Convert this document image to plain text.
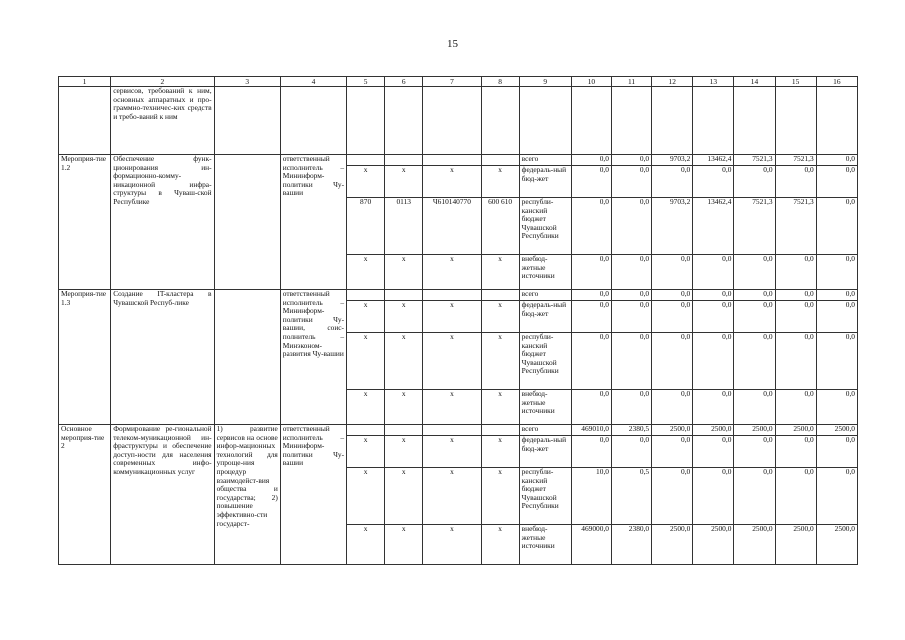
15
1	2	3	4	5	6	7	8	9	10	11	12	13	14	15	16
	сервисов, требований к ним, основных аппаратных и про-граммно-техничес-ких средств и требо-ваний к ним														
Мероприя-тие 1.2	Обеспечение функ-ционирования ин-формационно-комму-никационной инфра-структуры в Чуваш-ской Республике		ответственный исполнитель – Мининформ-политики Чу-вашии					всего	0,0	0,0	9703,2	13462,4	7521,3	7521,3	0,0
				x	x	x	x	федераль-ный бюд-жет	0,0	0,0	0,0	0,0	0,0	0,0	0,0
				870	0113	Ч610140770	600 610	республи-канский бюджет Чувашской Республики	0,0	0,0	9703,2	13462,4	7521,3	7521,3	0,0
				x	x	x	x	внебюд-жетные источники	0,0	0,0	0,0	0,0	0,0	0,0	0,0
Мероприя-тие 1.3	Создание IT-кластера в Чувашской Респуб-лике		ответственный исполнитель – Мининформ-политики Чу-вашии, соис-полнитель – Минэконом-развития Чу-вашии					всего	0,0	0,0	0,0	0,0	0,0	0,0	0,0
				x	x	x	x	федераль-ный бюд-жет	0,0	0,0	0,0	0,0	0,0	0,0	0,0
				x	x	x	x	республи-канский бюджет Чувашской Республики	0,0	0,0	0,0	0,0	0,0	0,0	0,0
				x	x	x	x	внебюд-жетные источники	0,0	0,0	0,0	0,0	0,0	0,0	0,0
Основное мероприя-тие 2	Формирование ре-гиональной телеком-муникационной ин-фраструктуры и обеспечение доступ-ности для населения современных инфо-коммуникационных услуг	1) развитие сервисов на основе инфор-мационных технологий для упроще-ния процедур взаимодейст-вия общества и государства; 2) повышение эффективно-сти государст-	ответственный исполнитель – Мининформ-политики Чу-вашии					всего	469010,0	2380,5	2500,0	2500,0	2500,0	2500,0	2500,0
				x	x	x	x	федераль-ный бюд-жет	0,0	0,0	0,0	0,0	0,0	0,0	0,0
				x	x	x	x	республи-канский бюджет Чувашской Республики	10,0	0,5	0,0	0,0	0,0	0,0	0,0
				x	x	x	x	внебюд-жетные источники	469000,0	2380,0	2500,0	2500,0	2500,0	2500,0	2500,0
